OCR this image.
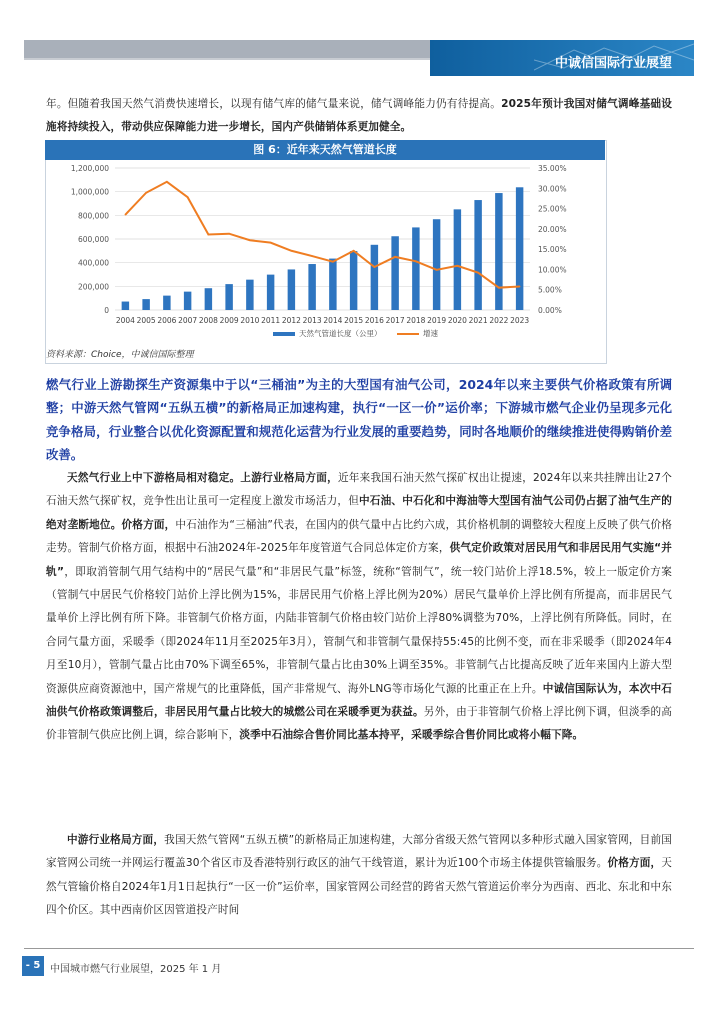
中诚信国际行业展望
年。但随着我国天然气消费快速增长，以现有储气库的储气量来说，储气调峰能力仍有待提高。2025年预计我国对储气调峰基础设施将持续投入，带动供应保障能力进一步增长，国内产供储销体系更加健全。
图 6：近年来天然气管道长度
0
200,000
400,000
600,000
800,000
1,000,000
1,200,000
0.00%
5.00%
10.00%
15.00%
20.00%
25.00%
30.00%
35.00%
2004 2005 2006 2007 2008 2009 2010 2011 2012 2013 2014 2015 2016 2017 2018 2019 2020 2021 2022 2023
天然气管道长度（公里）	增速
资料来源：Choice，中诚信国际整理
燃气行业上游勘探生产资源集中于以“三桶油”为主的大型国有油气公司，2024年以来主要供气价格政策有所调整；中游天然气管网“五纵五横”的新格局正加速构建，执行“一区一价”运价率；下游城市燃气企业仍呈现多元化竞争格局，行业整合以优化资源配置和规范化运营为行业发展的重要趋势，同时各地顺价的继续推进使得购销价差改善。
天然气行业上中下游格局相对稳定。上游行业格局方面，近年来我国石油天然气探矿权出让提速，2024年以来共挂牌出让27个石油天然气探矿权，竞争性出让虽可一定程度上激发市场活力，但中石油、中石化和中海油等大型国有油气公司仍占据了油气生产的绝对垄断地位。价格方面，中石油作为“三桶油”代表，在国内的供气量中占比约六成，其价格机制的调整较大程度上反映了供气价格走势。管制气价格方面，根据中石油2024年-2025年年度管道气合同总体定价方案，供气定价政策对居民用气和非居民用气实施“并轨”，即取消管制气用气结构中的“居民气量”和“非居民气量”标签，统称“管制气”，统一较门站价上浮18.5%，较上一版定价方案（管制气中居民气价格较门站价上浮比例为15%，非居民用气价格上浮比例为20%）居民气量单价上浮比例有所提高，而非居民气量单价上浮比例有所下降。非管制气价格方面，内陆非管制气价格由较门站价上浮80%调整为70%，上浮比例有所降低。同时，在合同气量方面，采暖季（即2024年11月至2025年3月），管制气和非管制气量保持55:45的比例不变，而在非采暖季（即2024年4月至10月），管制气量占比由70%下调至65%，非管制气量占比由30%上调至35%。非管制气占比提高反映了近年来国内上游大型资源供应商资源池中，国产常规气的比重降低，国产非常规气、海外LNG等市场化气源的比重正在上升。中诚信国际认为，本次中石油供气价格政策调整后，非居民用气量占比较大的城燃公司在采暖季更为获益。另外，由于非管制气价格上浮比例下调，但淡季的高价非管制气供应比例上调，综合影响下，淡季中石油综合售价同比基本持平，采暖季综合售价同比或将小幅下降。
中游行业格局方面，我国天然气管网“五纵五横”的新格局正加速构建，大部分省级天然气管网以多种形式融入国家管网，目前国家管网公司统一并网运行覆盖30个省区市及香港特别行政区的油气干线管道，累计为近100个市场主体提供管输服务。价格方面，天然气管输价格自2024年1月1日起执行“一区一价”运价率，国家管网公司经营的跨省天然气管道运价率分为西南、西北、东北和中东四个价区。其中西南价区因管道投产时间
- 5 -
中国城市燃气行业展望，2025 年 1 月
